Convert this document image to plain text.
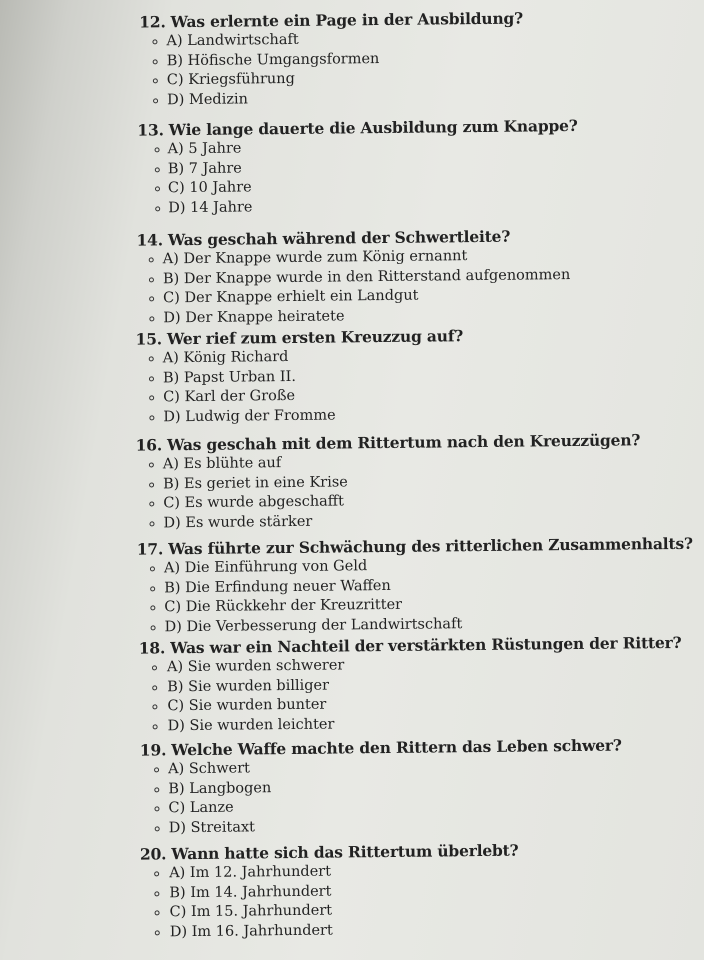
12. Was erlernte ein Page in der Ausbildung?
A) Landwirtschaft
B) Höfische Umgangsformen
C) Kriegsführung
D) Medizin
13. Wie lange dauerte die Ausbildung zum Knappe?
A) 5 Jahre
B) 7 Jahre
C) 10 Jahre
D) 14 Jahre
14. Was geschah während der Schwertleite?
A) Der Knappe wurde zum König ernannt
B) Der Knappe wurde in den Ritterstand aufgenommen
C) Der Knappe erhielt ein Landgut
D) Der Knappe heiratete
15. Wer rief zum ersten Kreuzzug auf?
A) König Richard
B) Papst Urban II.
C) Karl der Große
D) Ludwig der Fromme
16. Was geschah mit dem Rittertum nach den Kreuzzügen?
A) Es blühte auf
B) Es geriet in eine Krise
C) Es wurde abgeschafft
D) Es wurde stärker
17. Was führte zur Schwächung des ritterlichen Zusammenhalts?
A) Die Einführung von Geld
B) Die Erfindung neuer Waffen
C) Die Rückkehr der Kreuzritter
D) Die Verbesserung der Landwirtschaft
18. Was war ein Nachteil der verstärkten Rüstungen der Ritter?
A) Sie wurden schwerer
B) Sie wurden billiger
C) Sie wurden bunter
D) Sie wurden leichter
19. Welche Waffe machte den Rittern das Leben schwer?
A) Schwert
B) Langbogen
C) Lanze
D) Streitaxt
20. Wann hatte sich das Rittertum überlebt?
A) Im 12. Jahrhundert
B) Im 14. Jahrhundert
C) Im 15. Jahrhundert
D) Im 16. Jahrhundert
